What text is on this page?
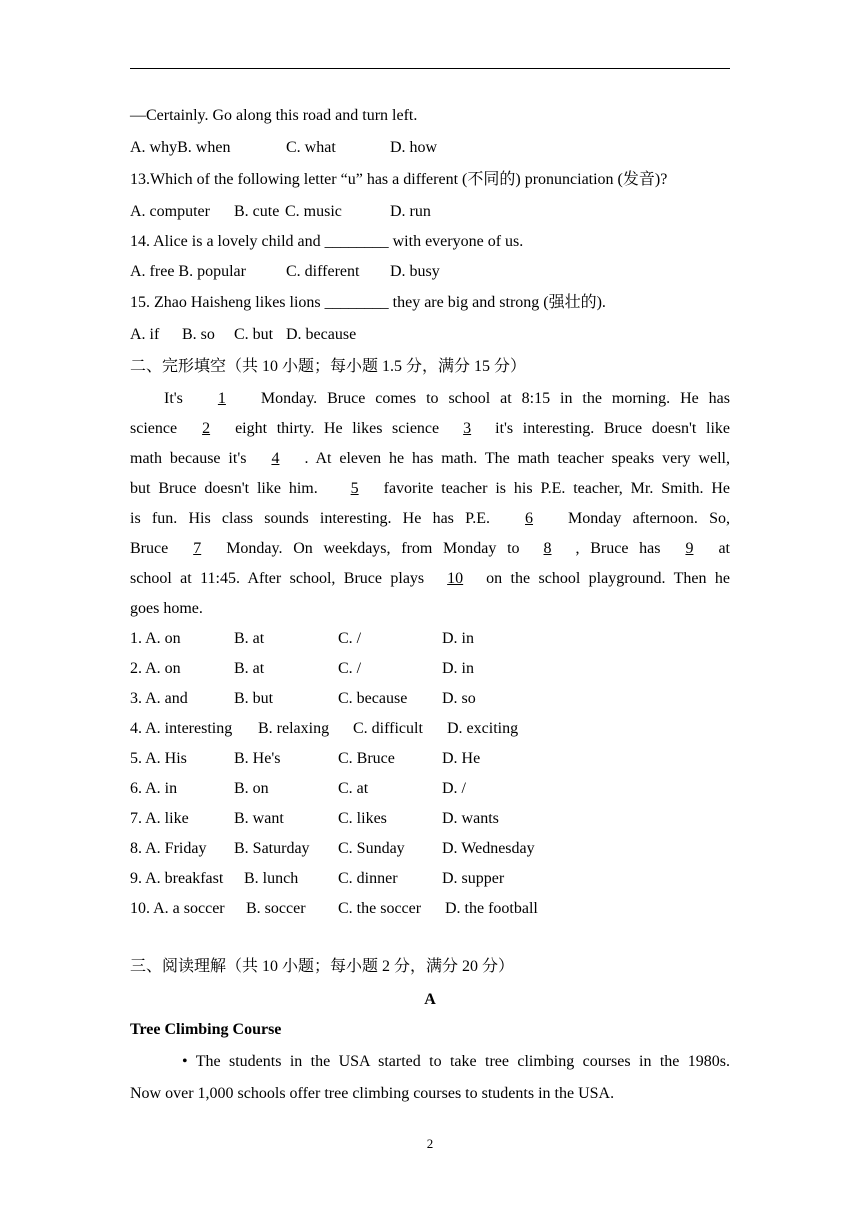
—Certainly. Go along this road and turn left.
A. whyB. when	C. what	D. how
13.Which of the following letter “u” has a different (不同的) pronunciation (发音)?
A. computer B. cute C. music	D. run
14. Alice is a lovely child and ________ with everyone of us.
A. free B. popular	C. different D. busy
15. Zhao Haisheng likes lions ________ they are big and strong (强壮的).
A. if B. so C. but D. because
二、完形填空（共 10 小题；每小题 1.5 分，满分 15 分）
It's 1 Monday. Bruce comes to school at 8:15 in the morning. He has
science 2 eight thirty. He likes science 3 it's interesting. Bruce doesn't like
math because it's 4 . At eleven he has math. The math teacher speaks very well,
but Bruce doesn't like him. 5 favorite teacher is his P.E. teacher, Mr. Smith. He
is fun. His class sounds interesting. He has P.E. 6 Monday afternoon. So,
Bruce 7 Monday. On weekdays, from Monday to 8 , Bruce has 9 at
school at 11:45. After school, Bruce plays 10 on the school playground. Then he
goes home.
1. A. on	B. at	C. /	D. in
2. A. on	B. at	C. /	D. in
3. A. and	B. but	C. because D. so
4. A. interesting B. relaxing C. difficult D. exciting
5. A. His	B. He's	C. Bruce	D. He
6. A. in	B. on	C. at	D. /
7. A. like	B. want	C. likes	D. wants
8. A. Friday B. Saturday C. Sunday D. Wednesday
9. A. breakfast B. lunch C. dinner	D. supper
10. A. a soccer B. soccer C. the soccer D. the football
三、阅读理解（共 10 小题；每小题 2 分，满分 20 分）
A
Tree Climbing Course
• The students in the USA started to take tree climbing courses in the 1980s.
Now over 1,000 schools offer tree climbing courses to students in the USA.
2
